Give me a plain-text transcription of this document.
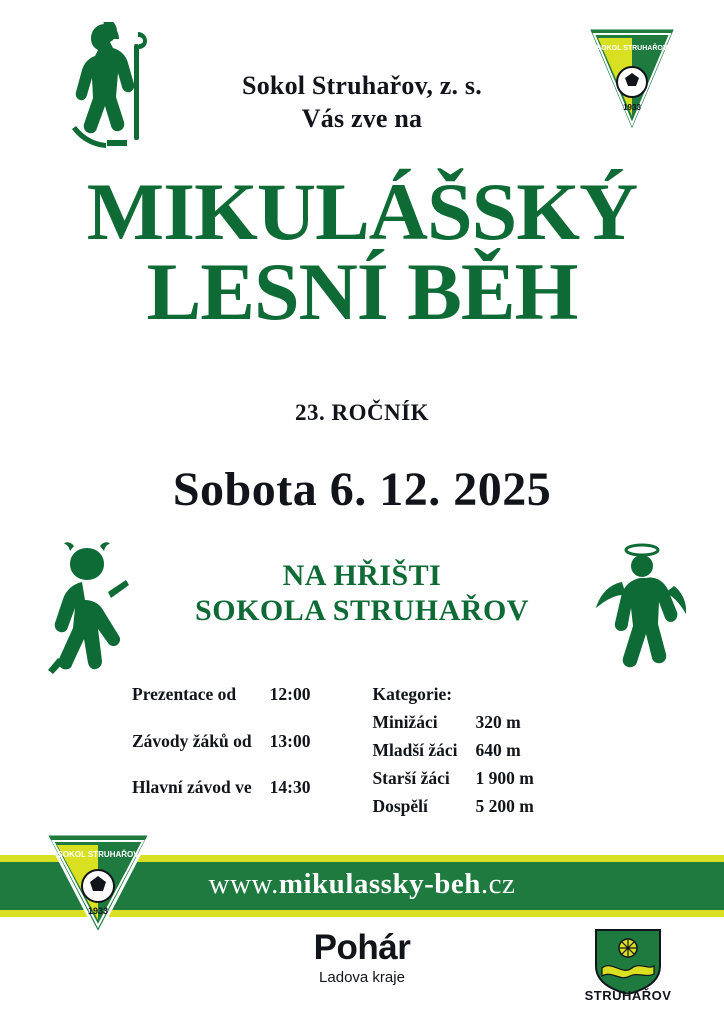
SOKOL STRUHAŘOV
1933
Sokol Struhařov, z. s.
Vás zve na
MIKULÁŠSKÝ
LESNÍ BĚH
23. ROČNÍK
Sobota 6. 12. 2025
NA HŘIŠTI
SOKOLA STRUHAŘOV
Prezentace od	12:00
Závody žáků od	13:00
Hlavní závod ve	14:30
Kategorie:	
Minižáci	320 m
Mladší žáci	640 m
Starší žáci	1 900 m
Dospělí	5 200 m
www.mikulassky-beh.cz
SOKOL STRUHAŘOV
1933
Pohár
Ladova kraje
STRUHAŘOV
